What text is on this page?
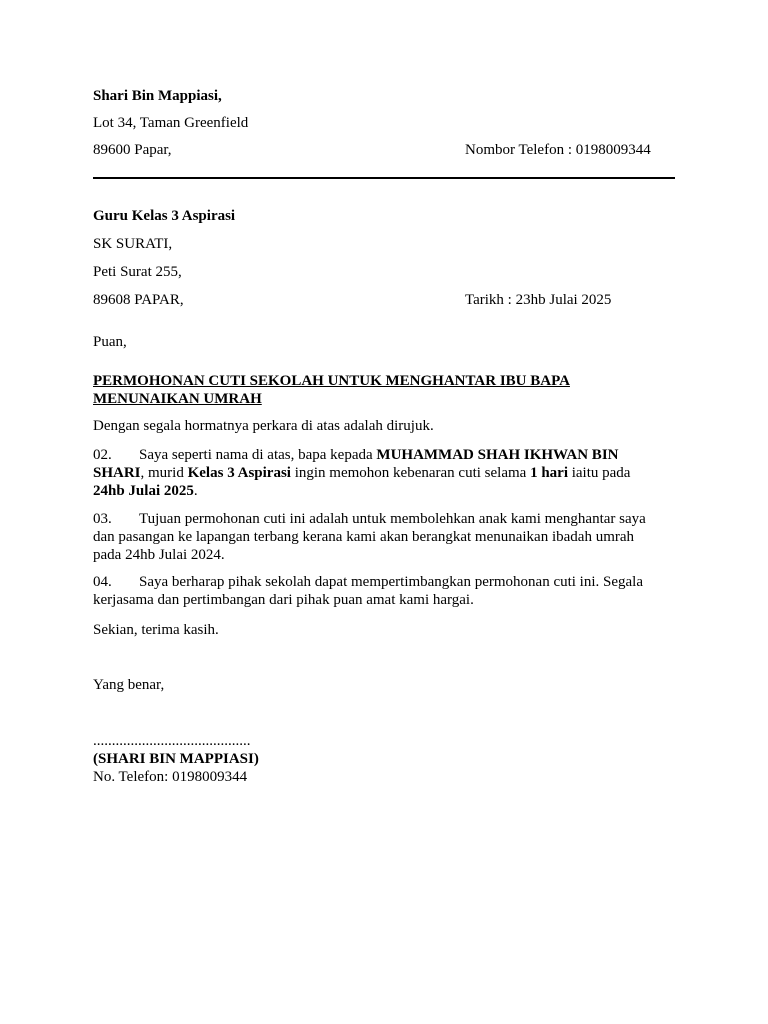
Shari Bin Mappiasi,
Lot 34, Taman Greenfield
89600 Papar,	Nombor Telefon : 0198009344
Guru Kelas 3 Aspirasi
SK SURATI,
Peti Surat 255,
89608 PAPAR,	Tarikh : 23hb Julai 2025
Puan,
PERMOHONAN CUTI SEKOLAH UNTUK MENGHANTAR IBU BAPA
MENUNAIKAN UMRAH
Dengan segala hormatnya perkara di atas adalah dirujuk.
02. Saya seperti nama di atas, bapa kepada MUHAMMAD SHAH IKHWAN BIN
SHARI, murid Kelas 3 Aspirasi ingin memohon kebenaran cuti selama 1 hari iaitu pada
24hb Julai 2025.
03. Tujuan permohonan cuti ini adalah untuk membolehkan anak kami menghantar saya
dan pasangan ke lapangan terbang kerana kami akan berangkat menunaikan ibadah umrah
pada 24hb Julai 2024.
04. Saya berharap pihak sekolah dapat mempertimbangkan permohonan cuti ini. Segala
kerjasama dan pertimbangan dari pihak puan amat kami hargai.
Sekian, terima kasih.
Yang benar,
..........................................
(SHARI BIN MAPPIASI)
No. Telefon: 0198009344
